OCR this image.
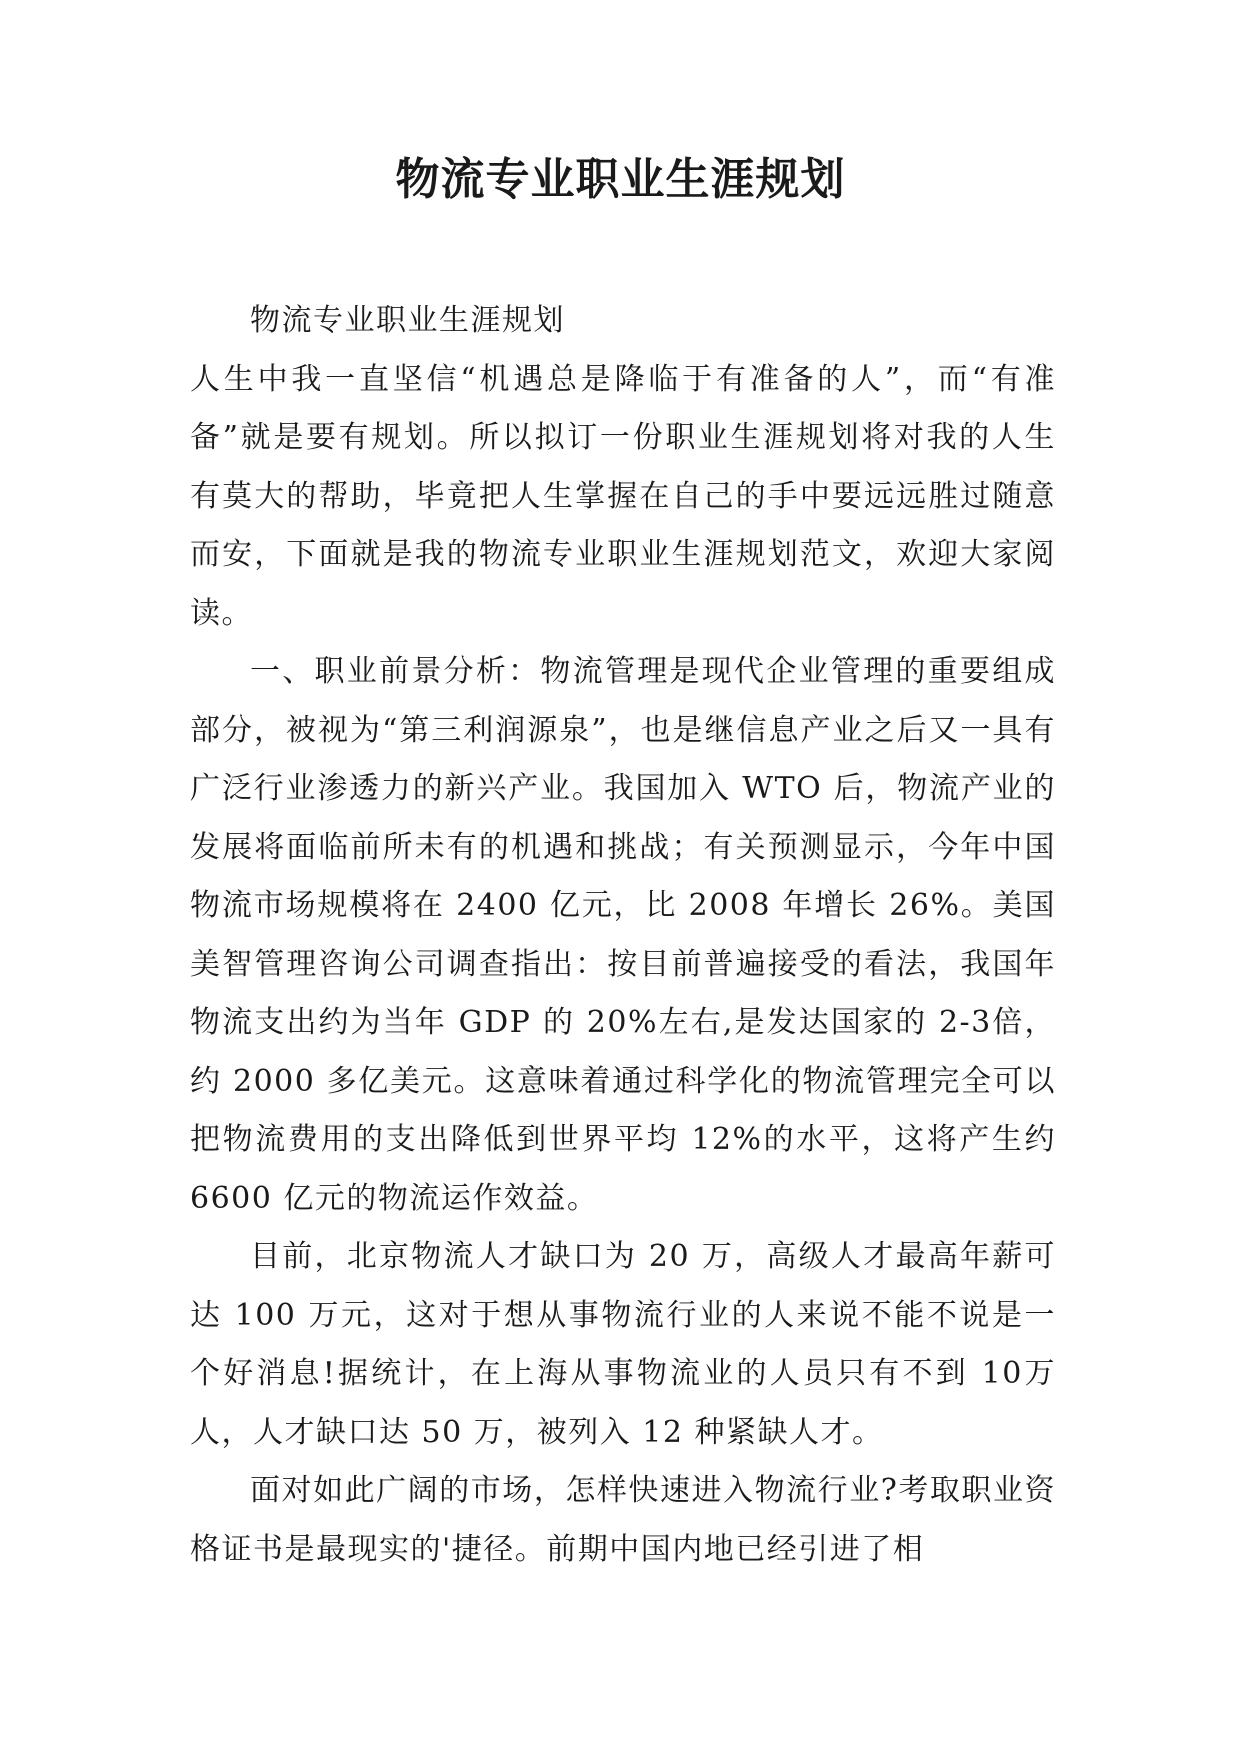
物流专业职业生涯规划

物流专业职业生涯规划

人生中我一直坚信“机遇总是降临于有准备的人”，而“有准备”就是要有规划。所以拟订一份职业生涯规划将对我的人生有莫大的帮助，毕竟把人生掌握在自己的手中要远远胜过随意而安，下面就是我的物流专业职业生涯规划范文，欢迎大家阅读。

一、职业前景分析：物流管理是现代企业管理的重要组成部分，被视为“第三利润源泉”，也是继信息产业之后又一具有广泛行业渗透力的新兴产业。我国加入 WTO 后，物流产业的发展将面临前所未有的机遇和挑战；有关预测显示，今年中国物流市场规模将在 2400 亿元，比 2008 年增长 26%。美国美智管理咨询公司调查指出：按目前普遍接受的看法，我国年物流支出约为当年 GDP 的 20%左右,是发达国家的 2-3倍，约 2000 多亿美元。这意味着通过科学化的物流管理完全可以把物流费用的支出降低到世界平均 12%的水平，这将产生约 6600 亿元的物流运作效益。

目前，北京物流人才缺口为 20 万，高级人才最高年薪可达 100 万元，这对于想从事物流行业的人来说不能不说是一个好消息!据统计，在上海从事物流业的人员只有不到 10万人，人才缺口达 50 万，被列入 12 种紧缺人才。

面对如此广阔的市场，怎样快速进入物流行业?考取职业资格证书是最现实的'捷径。前期中国内地已经引进了相
